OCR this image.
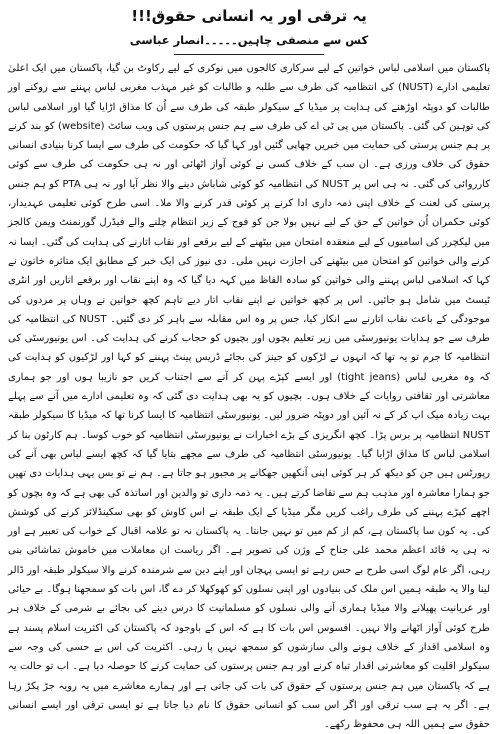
یہ ترقی اور یہ انسانی حقوق!!!
کس سے منصفی چاہیں۔۔۔۔۔انصار عباسی

پاکستان میں اسلامی لباس خواتین کے لیے سرکاری کالجوں میں نوکری کے لیے رکاوٹ بن گیا، پاکستان میں ایک اعلیٰ تعلیمی ادارے (NUST) کی انتظامیہ کی طرف سے طلبہ و طالبات کو غیر مہذب مغربی لباس پہننے سے روکنے اور طالبات کو دوپٹہ اوڑھنے کی ہدایت پر میڈیا کے سیکولر طبقہ کی طرف سے اُن کا مذاق اڑایا گیا اور اسلامی لباس کی توہین کی گئی۔ پاکستان میں پی ٹی اے کی طرف سے ہم جنس پرستوں کی ویب سائٹ (website) کو بند کرنے پر ہم جنس پرستی کی حمایت میں خبریں چھاپی گئیں اور کہا گیا کہ حکومت کی طرف سے ایسا کرنا بنیادی انسانی حقوق کی خلاف ورزی ہے۔ ان سب کے خلاف کسی نے کوئی آواز اٹھائی اور نہ ہی حکومت کی طرف سے کوئی کارروائی کی گئی۔ نہ ہی اس پر NUST کی انتظامیہ کو کوئی شاباش دینے والا نظر آیا اور نہ ہی PTA کو ہم جنس پرستی کی لعنت کے خلاف اپنی ذمہ داری ادا کرنے پر کوئی قدر کرنے والا ملا۔ اسی طرح کوئی تعلیمی عہدیدار، کوئی حکمران اُن خواتین کے حق کے لیے نہیں بولا جن کو فوج کے زیر انتظام چلنے والے فیڈرل گورنمنٹ ویمن کالجز میں لیکچرر کی اسامیوں کے لیے منعقدہ امتحان میں بیٹھنے کے لیے برقعے اور نقاب اتارنے کی ہدایت کی گئی۔ ایسا نہ کرنے والی خواتین کو امتحان میں بیٹھنے کی اجازت نہیں ملی۔ دی نیوز کی ایک خبر کے مطابق ایک متاثرہ خاتون نے کہا کہ اسلامی لباس پہننے والی خواتین کو سادہ الفاظ میں کہہ دیا گیا کہ وہ اپنے نقاب اور برقعے اتاریں اور انٹری ٹیسٹ میں شامل ہو جائیں۔ اس پر کچھ خواتین نے اپنے نقاب اتار دیے تاہم کچھ خواتین نے وہاں پر مردوں کی موجودگی کے باعث نقاب اتارنے سے انکار کیا، جس پر وہ اس مقابلہ سے باہر کر دی گئیں۔ NUST کی انتظامیہ کی طرف سے جو ہدایات یونیورسٹی میں زیر تعلیم بچوں اور بچیوں کو حجاب کرنے کی ہدایت کی۔ اس یونیورسٹی کی انتظامیہ کا جرم تو یہ تھا کہ انہوں نے لڑکوں کو جینز کی بجائے ڈریس پینٹ پہننے کو کہا اور لڑکیوں کو ہدایت کی کہ وہ مغربی لباس (tight jeans) اور ایسے کپڑے پہن کر آنے سے اجتناب کریں جو نازیبا ہوں اور جو ہماری معاشرتی اور ثقافتی روایات کے خلاف ہوں۔ بچیوں کو یہ بھی ہدایت دی گئی کہ وہ تعلیمی ادارے میں آنے سے پہلے بہت زیادہ میک اپ کر کے نہ آئیں اور دوپٹہ ضرور لیں۔ یونیورسٹی انتظامیہ کا ایسا کرنا تھا کہ میڈیا کا سیکولر طبقہ NUST انتظامیہ پر برس پڑا۔ کچھ انگریزی کے بڑے اخبارات نے یونیورسٹی انتظامیہ کو خوب کوسا۔ ہم کارٹون بنا کر اسلامی لباس کا مذاق اڑایا گیا۔ یونیورسٹی انتظامیہ کی طرف سے مجھے بتایا گیا کہ کچھ ایسے لباس بھی آنے کی رپورٹس ہیں جن کو دیکھ کر ہر کوئی اپنی آنکھیں جھکانے پر مجبور ہو جاتا ہے۔ ہم نے تو بس یہی ہدایات دی تھیں جو ہمارا معاشرہ اور مذہب ہم سے تقاضا کرتے ہیں۔ یہ ذمہ داری تو والدین اور اساتذہ کی بھی ہے کہ وہ بچوں کو اچھے کپڑے پہننے کی طرف راغب کریں مگر میڈیا کے ایک طبقہ نے اس کاوش کو بھی سکینڈلائز کرنے کی کوشش کی۔ یہ کون سا پاکستان ہے، کم از کم میں تو نہیں جانتا۔ یہ پاکستان نہ تو علامہ اقبال کے خواب کی تعبیر ہے اور نہ ہی یہ قائد اعظم محمد علی جناح کے وژن کی تصویر ہے۔ اگر ریاست ان معاملات میں خاموش تماشائی بنی رہی، اگر عام لوگ اسی طرح بے حس رہے تو ایسی پہچان اور اپنے دین سے شرمندہ کرنے والا سیکولر طبقہ اور ڈالر لینا والا یہ طبقہ ہمیں اس ملک کی بنیادوں اور اپنی نسلوں کو کھوکھلا کر دے گا، اس بات کو سمجھنا ہوگا۔ بے حیائی اور عریانیت پھیلانے والا میڈیا ہماری آنے والی نسلوں کو مسلمانیت کا درس دینے کی بجائے بے شرمی کے خلاف ہر طرح کوئی آواز اٹھانے والا نہیں۔ افسوس اس بات کا ہے کہ اس کے باوجود کہ پاکستان کی اکثریت اسلام پسند ہے وہ اسلامی اقدار کے خلاف ہونے والی سازشوں کو سمجھ نہیں پا رہی۔ اکثریت کی اس بے حسی کی وجہ سے سیکولر اقلیت کو معاشرتی اقدار تباہ کرنے اور ہم جنس پرستوں کی حمایت کرنے کا حوصلہ دیا ہے۔ اب تو حالت یہ ہے کہ پاکستان میں ہم جنس پرستوں کے حقوق کی بات کی جاتی ہے اور ہمارے معاشرے میں یہ رویہ جڑ پکڑ رہا ہے۔ اگر یہ ہے سب ترقی اور اگر اس سب کو انسانی حقوق کا نام دیا جاتا ہے تو ایسی ترقی اور ایسے انسانی حقوق سے ہمیں اللہ ہی محفوظ رکھے۔
